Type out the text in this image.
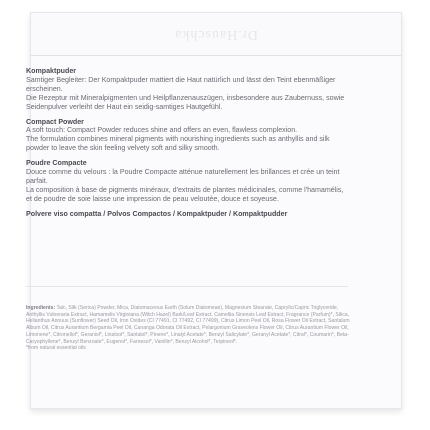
Dr.Hauschka

Kompaktpuder
Samtiger Begleiter: Der Kompaktpuder mattiert die Haut natürlich und lässt den Teint ebenmäßiger erscheinen.
Die Rezeptur mit Mineralpigmenten und Heilpflanzenauszügen, insbesondere aus Zaubernuss, sowie Seidenpulver verleiht der Haut ein seidig-samtiges Hautgefühl.

Compact Powder
A soft touch: Compact Powder reduces shine and offers an even, flawless complexion.
The formulation combines mineral pigments with nourishing ingredients such as anthyllis and silk powder to leave the skin feeling velvety soft and silky smooth.

Poudre Compacte
Douce comme du velours : la Poudre Compacte atténue naturellement les brillances et crée un teint parfait.
La composition à base de pigments minéraux, d'extraits de plantes médicinales, comme l'hamamélis, et de poudre de soie laisse une impression de peau veloutée, douce et soyeuse.

Polvere viso compatta / Polvos Compactos / Kompaktpuder / Kompaktpudder
Ingredients: Talc, Silk (Serica) Powder, Mica, Diatomaceous Earth (Solum Diatomeae), Magnesium Stearate, Caprylic/Capric Triglyceride, Anthyllis Vulneraria Extract, Hamamelis Virginiana (Witch Hazel) Bark/Leaf Extract, Camellia Sinensis Leaf Extract, Fragrance (Parfum)*, Silica, Helianthus Annuus (Sunflower) Seed Oil, Iron Oxides (CI 77491, CI 77492, CI 77499), Citrus Limon Peel Oil, Rosa Flower Oil Extract, Santalum Album Oil, Citrus Aurantium Bergamia Peel Oil, Cananga Odorata Oil Extract, Pelargonium Graveolens Flower Oil, Citrus Aurantium Flower Oil, Limonene*, Citronellol*, Geraniol*, Linalool*, Santalol*, Pinene*, Linalyl Acetate*, Benzyl Salicylate*, Geranyl Acetate*, Citral*, Coumarin*, Beta-Caryophyllene*, Benzyl Benzoate*, Eugenol*, Farnesol*, Vanillin*, Benzyl Alcohol*, Terpineol*.
*from natural essential oils
